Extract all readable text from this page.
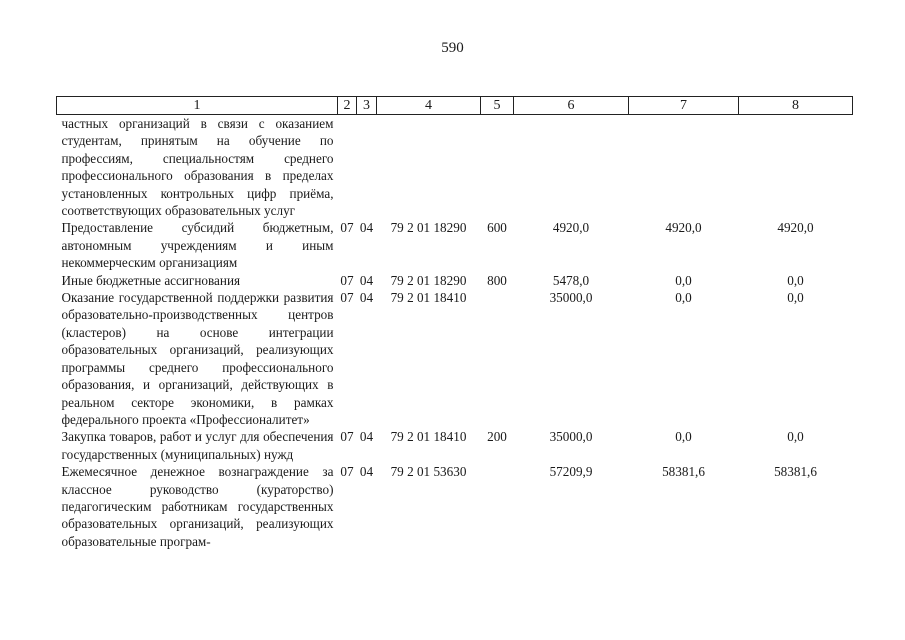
590
1	2	3	4	5	6	7	8
частных организаций в связи с оказанием студентам, принятым на обучение по профессиям, специальностям среднего профессионального образования в пределах установленных контрольных цифр приёма, соответствующих образовательных услуг							
Предоставление субсидий бюджетным, автономным учреждениям и иным некоммерческим организациям	07	04	79 2 01 18290	600	4920,0	4920,0	4920,0
Иные бюджетные ассигнования	07	04	79 2 01 18290	800	5478,0	0,0	0,0
Оказание государственной поддержки развития образовательно-производственных центров (кластеров) на основе интеграции образовательных организаций, реализующих программы среднего профессионального образования, и организаций, действующих в реальном секторе экономики, в рамках федерального проекта «Профессионалитет»	07	04	79 2 01 18410		35000,0	0,0	0,0
Закупка товаров, работ и услуг для обеспечения государственных (муниципальных) нужд	07	04	79 2 01 18410	200	35000,0	0,0	0,0
Ежемесячное денежное вознаграждение за классное руководство (кураторство) педагогическим работникам государственных образовательных организаций, реализующих образовательные програм-	07	04	79 2 01 53630		57209,9	58381,6	58381,6
